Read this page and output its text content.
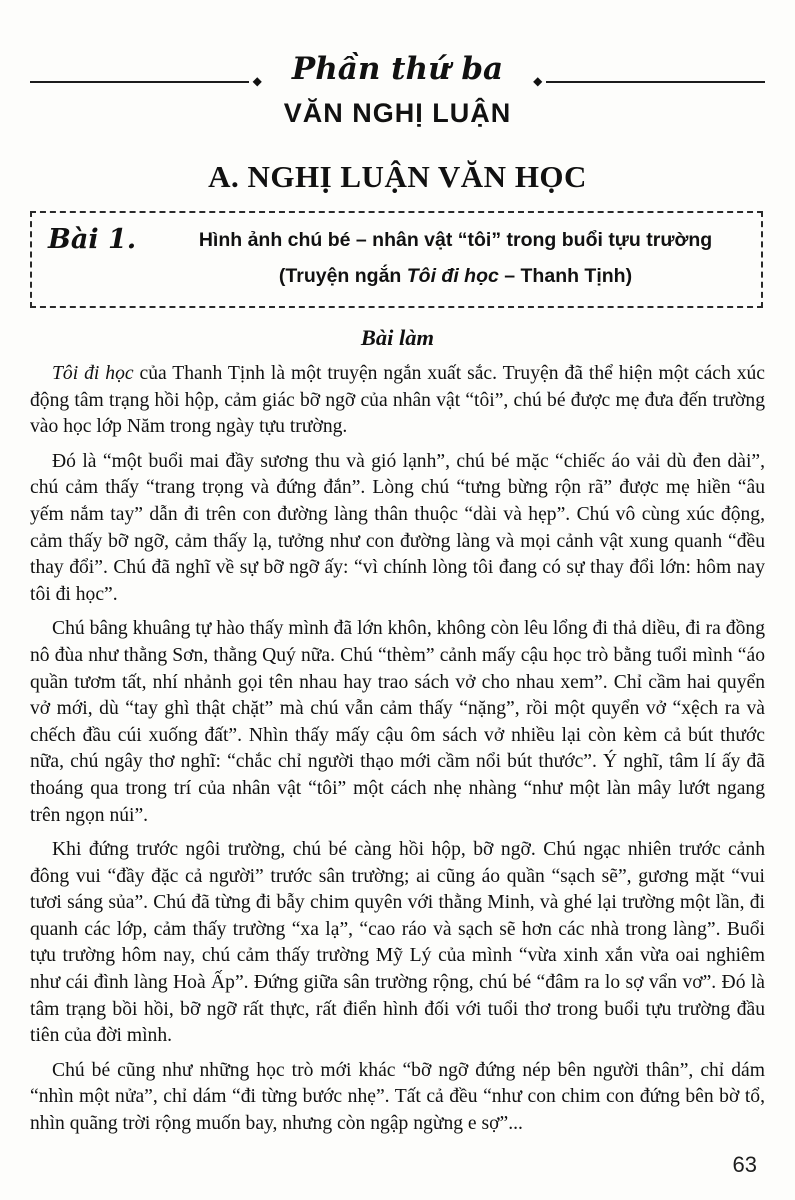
◆ Phần thứ ba	◆
VĂN NGHỊ LUẬN
A. NGHỊ LUẬN VĂN HỌC
Bài 1.	Hình ảnh chú bé – nhân vật “tôi” trong buổi tựu trường
(Truyện ngắn Tôi đi học – Thanh Tịnh)
Bài làm

Tôi đi học của Thanh Tịnh là một truyện ngắn xuất sắc. Truyện đã thể hiện một cách xúc động tâm trạng hồi hộp, cảm giác bỡ ngỡ của nhân vật “tôi”, chú bé được mẹ đưa đến trường vào học lớp Năm trong ngày tựu trường.

Đó là “một buổi mai đầy sương thu và gió lạnh”, chú bé mặc “chiếc áo vải dù đen dài”, chú cảm thấy “trang trọng và đứng đắn”. Lòng chú “tưng bừng rộn rã” được mẹ hiền “âu yếm nắm tay” dẫn đi trên con đường làng thân thuộc “dài và hẹp”. Chú vô cùng xúc động, cảm thấy bỡ ngỡ, cảm thấy lạ, tưởng như con đường làng và mọi cảnh vật xung quanh “đều thay đổi”. Chú đã nghĩ về sự bỡ ngỡ ấy: “vì chính lòng tôi đang có sự thay đổi lớn: hôm nay tôi đi học”.

Chú bâng khuâng tự hào thấy mình đã lớn khôn, không còn lêu lổng đi thả diều, đi ra đồng nô đùa như thằng Sơn, thằng Quý nữa. Chú “thèm” cảnh mấy cậu học trò bằng tuổi mình “áo quần tươm tất, nhí nhảnh gọi tên nhau hay trao sách vở cho nhau xem”. Chỉ cầm hai quyển vở mới, dù “tay ghì thật chặt” mà chú vẫn cảm thấy “nặng”, rồi một quyển vở “xệch ra và chếch đầu cúi xuống đất”. Nhìn thấy mấy cậu ôm sách vở nhiều lại còn kèm cả bút thước nữa, chú ngây thơ nghĩ: “chắc chỉ người thạo mới cầm nổi bút thước”. Ý nghĩ, tâm lí ấy đã thoáng qua trong trí của nhân vật “tôi” một cách nhẹ nhàng “như một làn mây lướt ngang trên ngọn núi”.

Khi đứng trước ngôi trường, chú bé càng hồi hộp, bỡ ngỡ. Chú ngạc nhiên trước cảnh đông vui “đầy đặc cả người” trước sân trường; ai cũng áo quần “sạch sẽ”, gương mặt “vui tươi sáng sủa”. Chú đã từng đi bẫy chim quyên với thằng Minh, và ghé lại trường một lần, đi quanh các lớp, cảm thấy trường “xa lạ”, “cao ráo và sạch sẽ hơn các nhà trong làng”. Buổi tựu trường hôm nay, chú cảm thấy trường Mỹ Lý của mình “vừa xinh xắn vừa oai nghiêm như cái đình làng Hoà Ấp”. Đứng giữa sân trường rộng, chú bé “đâm ra lo sợ vẩn vơ”. Đó là tâm trạng bồi hồi, bỡ ngỡ rất thực, rất điển hình đối với tuổi thơ trong buổi tựu trường đầu tiên của đời mình.

Chú bé cũng như những học trò mới khác “bỡ ngỡ đứng nép bên người thân”, chỉ dám “nhìn một nửa”, chỉ dám “đi từng bước nhẹ”. Tất cả đều “như con chim con đứng bên bờ tổ, nhìn quãng trời rộng muốn bay, nhưng còn ngập ngừng e sợ”...

63
